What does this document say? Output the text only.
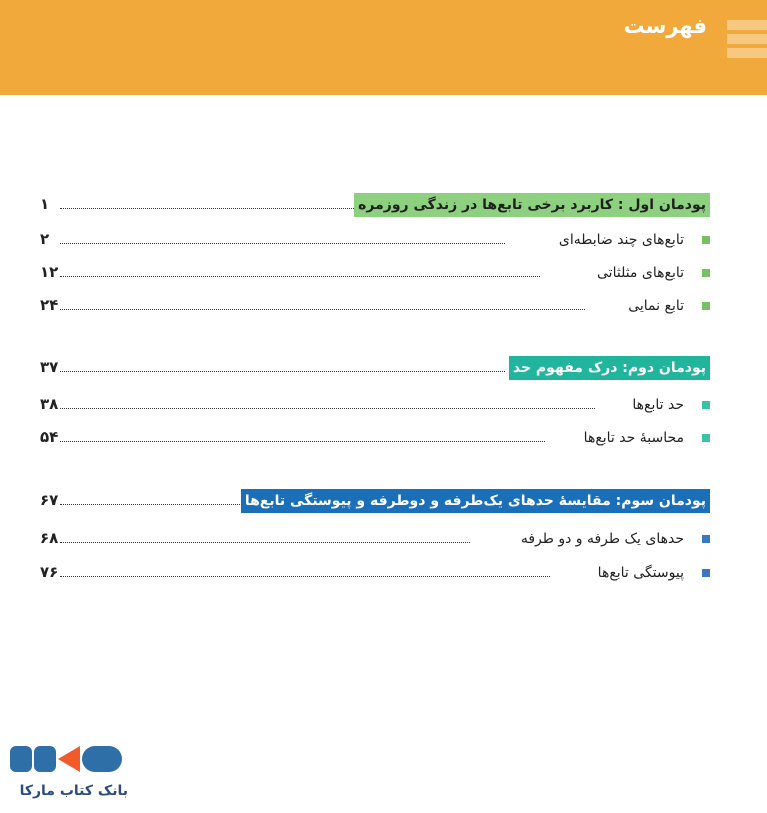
فهرست
۱	پودمان اول : کاربرد برخی تابع‌ها در زندگی روزمره
۲	تابع‌های چند ضابطه‌ای
۱۲	تابع‌های مثلثاتی
۲۴	تابع نمایی
۳۷	پودمان دوم: درک مفهوم حد
۳۸	حد تابع‌ها
۵۴	محاسبهٔ حد تابع‌ها
۶۷	پودمان سوم: مقایسهٔ حدهای یک‌طرفه و دوطرفه و پیوستگی تابع‌ها
۶۸	حدهای یک طرفه و دو طرفه
۷۶	پیوستگی تابع‌ها
بانک کتاب مارکا
